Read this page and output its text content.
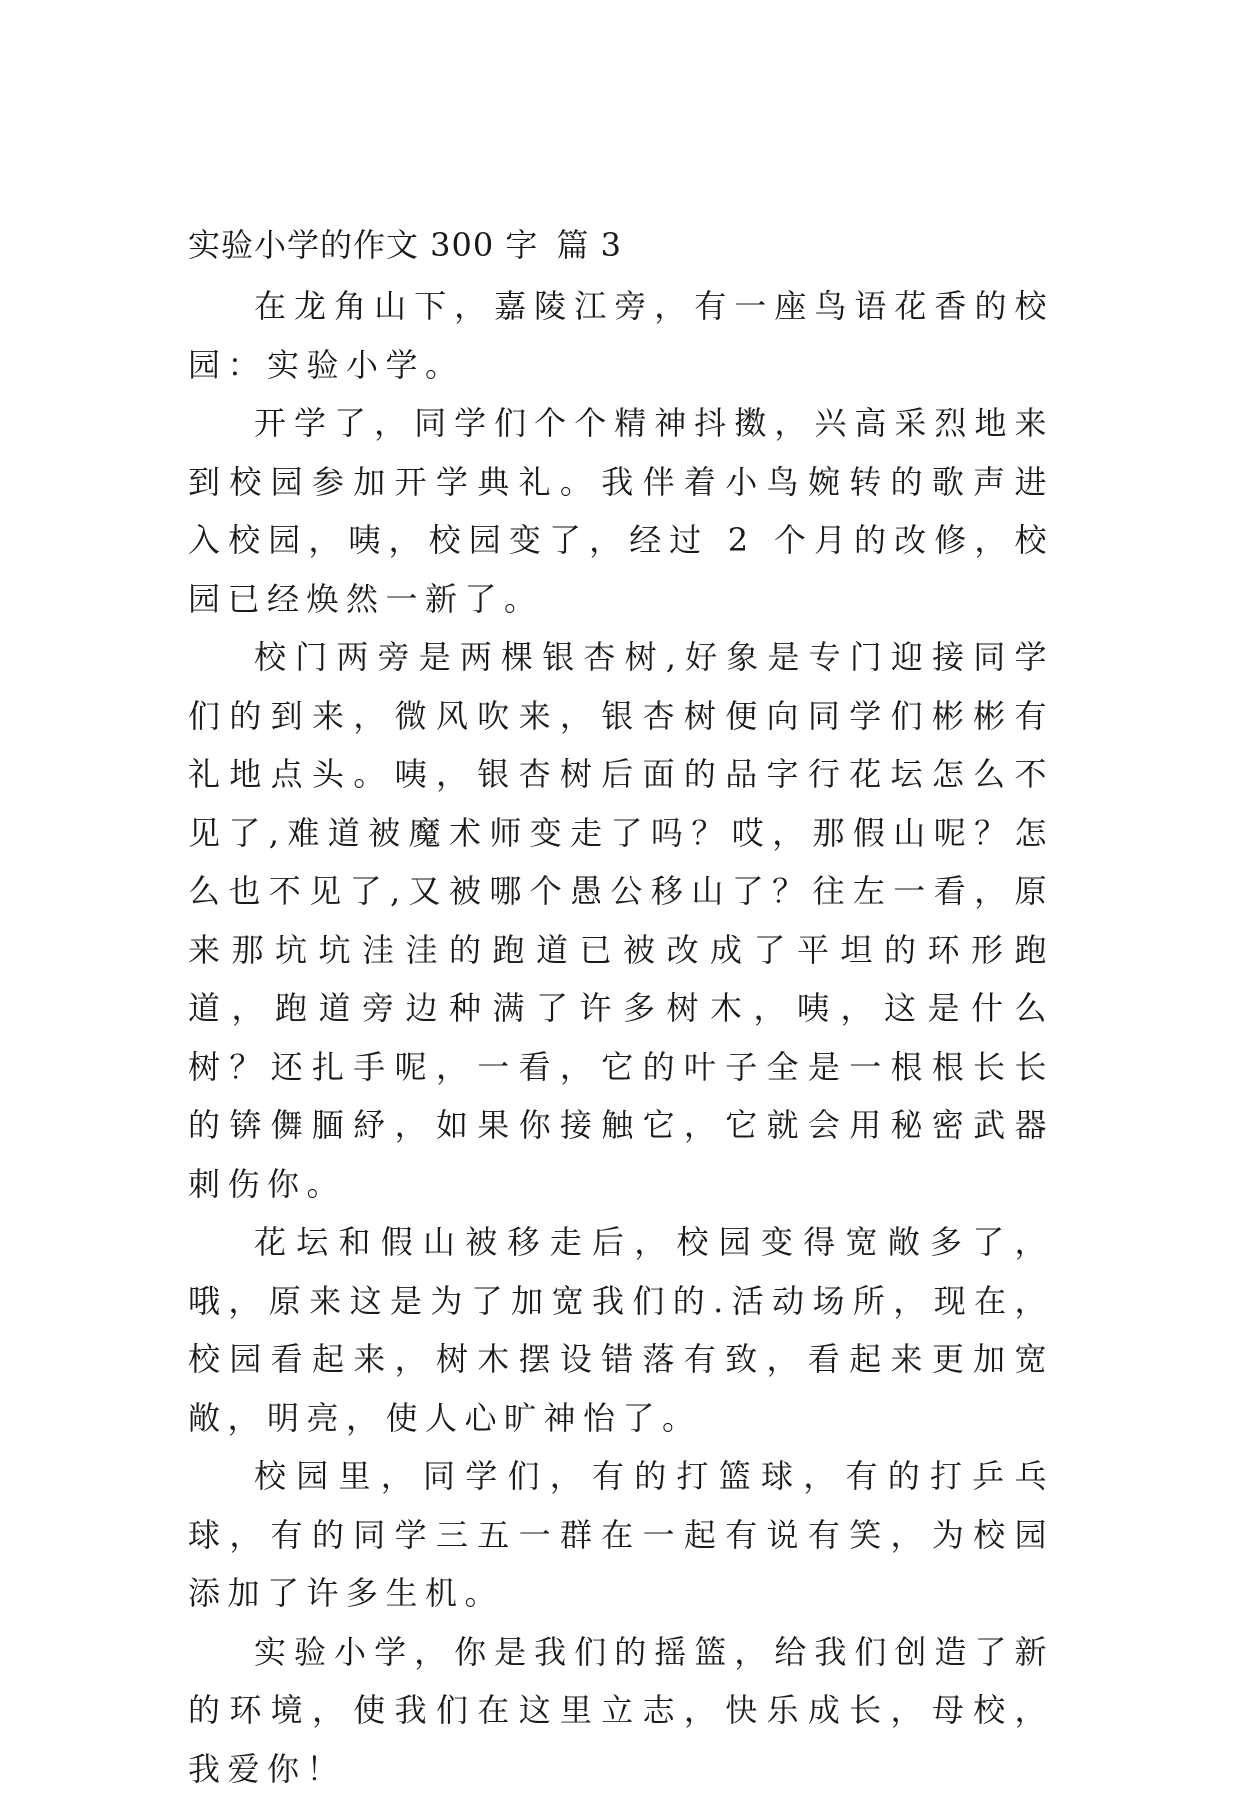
实验小学的作文 300 字 篇 3

在龙角山下，嘉陵江旁，有一座鸟语花香的校园：实验小学。

开学了，同学们个个精神抖擞，兴高采烈地来到校园参加开学典礼。我伴着小鸟婉转的歌声进入校园，咦，校园变了，经过 2 个月的改修，校园已经焕然一新了。

校门两旁是两棵银杏树,好象是专门迎接同学们的到来，微风吹来，银杏树便向同学们彬彬有礼地点头。咦，银杏树后面的品字行花坛怎么不见了,难道被魔术师变走了吗？哎，那假山呢？怎么也不见了,又被哪个愚公移山了？往左一看，原来那坑坑洼洼的跑道已被改成了平坦的环形跑道，跑道旁边种满了许多树木，咦，这是什么树？还扎手呢，一看，它的叶子全是一根根长长的锛儛腼紓，如果你接触它，它就会用秘密武器刺伤你。

花坛和假山被移走后，校园变得宽敞多了，哦，原来这是为了加宽我们的.活动场所，现在，校园看起来，树木摆设错落有致，看起来更加宽敞，明亮，使人心旷神怡了。

校园里，同学们，有的打篮球，有的打乒乓球，有的同学三五一群在一起有说有笑，为校园添加了许多生机。

实验小学，你是我们的摇篮，给我们创造了新的环境，使我们在这里立志，快乐成长，母校，我爱你！
